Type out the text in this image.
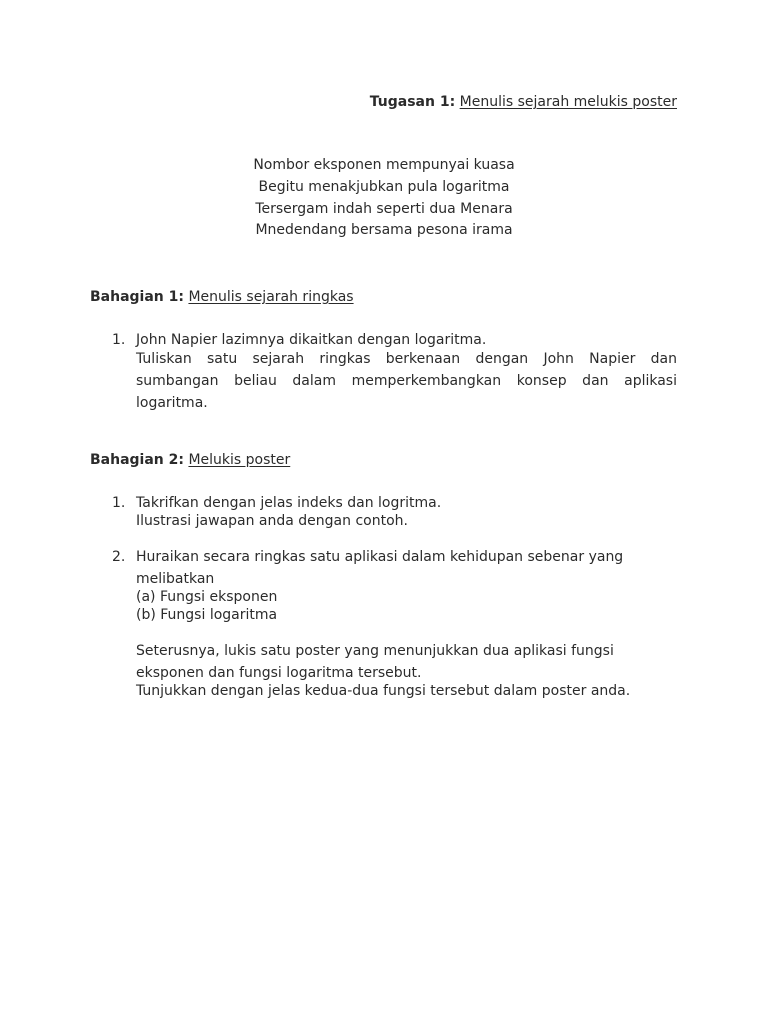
Tugasan 1: Menulis sejarah melukis poster
Nombor eksponen mempunyai kuasa
Begitu menakjubkan pula logaritma
Tersergam indah seperti dua Menara
Mnedendang bersama pesona irama
Bahagian 1: Menulis sejarah ringkas
1. John Napier lazimnya dikaitkan dengan logaritma.
Tuliskan satu sejarah ringkas berkenaan dengan John Napier dan sumbangan beliau dalam memperkembangkan konsep dan aplikasi logaritma.
Bahagian 2: Melukis poster
1. Takrifkan dengan jelas indeks dan logritma.
Ilustrasi jawapan anda dengan contoh.
2. Huraikan secara ringkas satu aplikasi dalam kehidupan sebenar yang
melibatkan
(a) Fungsi eksponen
(b) Fungsi logaritma
Seterusnya, lukis satu poster yang menunjukkan dua aplikasi fungsi
eksponen dan fungsi logaritma tersebut.
Tunjukkan dengan jelas kedua-dua fungsi tersebut dalam poster anda.
